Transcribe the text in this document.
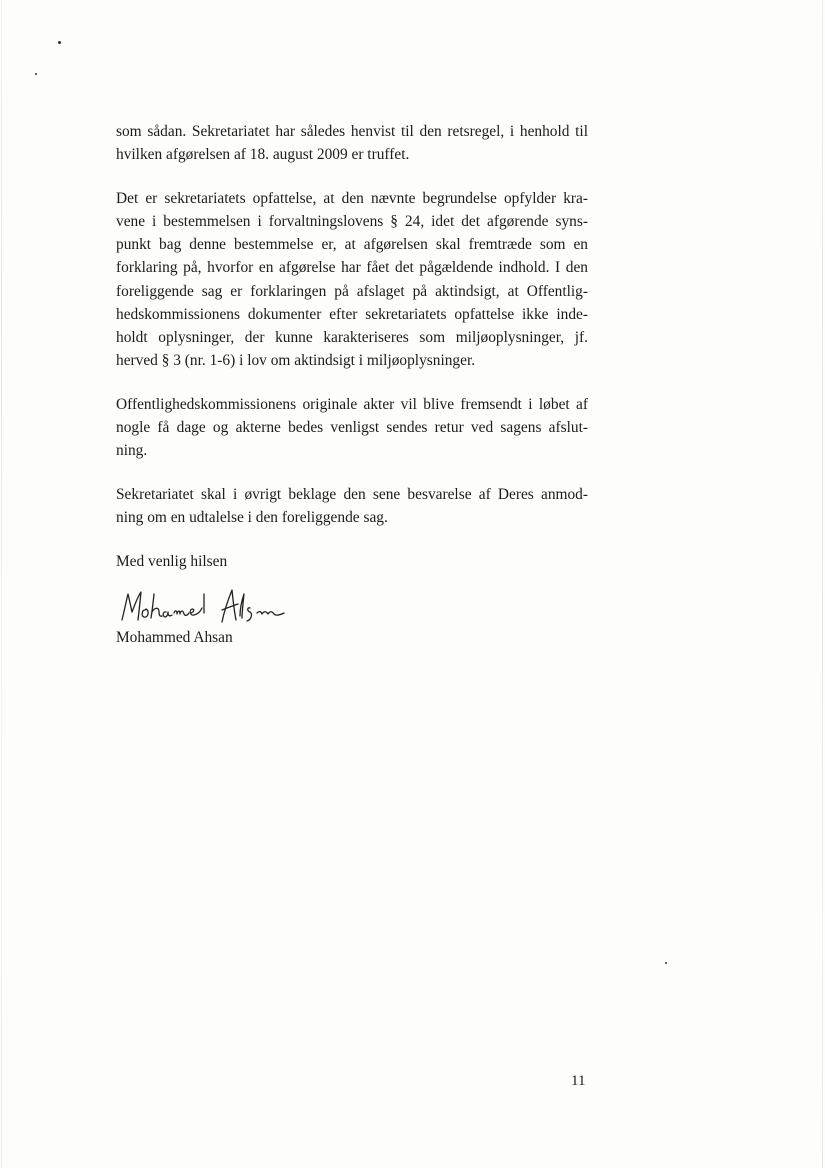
som sådan. Sekretariatet har således henvist til den retsregel, i henhold til
hvilken afgørelsen af 18. august 2009 er truffet.

Det er sekretariatets opfattelse, at den nævnte begrundelse opfylder kra-
vene i bestemmelsen i forvaltningslovens § 24, idet det afgørende syns-
punkt bag denne bestemmelse er, at afgørelsen skal fremtræde som en
forklaring på, hvorfor en afgørelse har fået det pågældende indhold. I den
foreliggende sag er forklaringen på afslaget på aktindsigt, at Offentlig-
hedskommissionens dokumenter efter sekretariatets opfattelse ikke inde-
holdt oplysninger, der kunne karakteriseres som miljøoplysninger, jf.
herved § 3 (nr. 1-6) i lov om aktindsigt i miljøoplysninger.

Offentlighedskommissionens originale akter vil blive fremsendt i løbet af
nogle få dage og akterne bedes venligst sendes retur ved sagens afslut-
ning.

Sekretariatet skal i øvrigt beklage den sene besvarelse af Deres anmod-
ning om en udtalelse i den foreliggende sag.

Med venlig hilsen

Mohammed Ahsan
11
